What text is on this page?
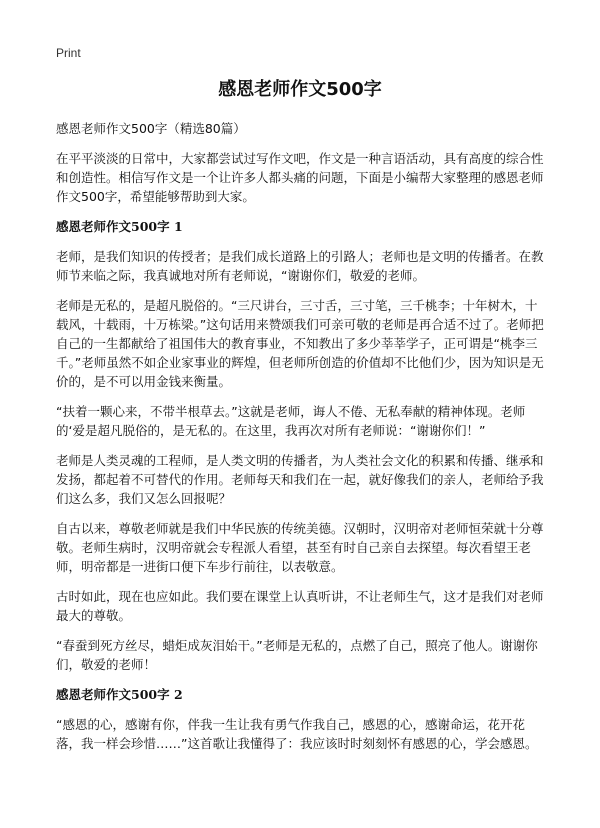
Print
感恩老师作文500字
感恩老师作文500字（精选80篇）

在平平淡淡的日常中，大家都尝试过写作文吧，作文是一种言语活动，具有高度的综合性和创造性。相信写作文是一个让许多人都头痛的问题，下面是小编帮大家整理的感恩老师作文500字，希望能够帮助到大家。

感恩老师作文500字 1

老师，是我们知识的传授者；是我们成长道路上的引路人；老师也是文明的传播者。在教师节来临之际，我真诚地对所有老师说，“谢谢你们，敬爱的老师。

老师是无私的，是超凡脱俗的。“三尺讲台，三寸舌，三寸笔，三千桃李；十年树木，十载风，十载雨，十万栋梁。”这句话用来赞颂我们可亲可敬的老师是再合适不过了。老师把自己的一生都献给了祖国伟大的教育事业，不知教出了多少莘莘学子，正可谓是“桃李三千。”老师虽然不如企业家事业的辉煌，但老师所创造的价值却不比他们少，因为知识是无价的，是不可以用金钱来衡量。

“扶着一颗心来，不带半根草去。”这就是老师，诲人不倦、无私奉献的精神体现。老师的‘爱是超凡脱俗的，是无私的。在这里，我再次对所有老师说：“谢谢你们！”

老师是人类灵魂的工程师，是人类文明的传播者，为人类社会文化的积累和传播、继承和发扬，都起着不可替代的作用。老师每天和我们在一起，就好像我们的亲人，老师给予我们这么多，我们又怎么回报呢？

自古以来，尊敬老师就是我们中华民族的传统美德。汉朝时，汉明帝对老师恒荣就十分尊敬。老师生病时，汉明帝就会专程派人看望，甚至有时自己亲自去探望。每次看望王老师，明帝都是一进街口便下车步行前往，以表敬意。

古时如此，现在也应如此。我们要在课堂上认真听讲，不让老师生气，这才是我们对老师最大的尊敬。

“春蚕到死方丝尽，蜡炬成灰泪始干。”老师是无私的，点燃了自己，照亮了他人。谢谢你们，敬爱的老师！

感恩老师作文500字 2

“感恩的心，感谢有你，伴我一生让我有勇气作我自己，感恩的心，感谢命运，花开花落，我一样会珍惜……”这首歌让我懂得了：我应该时时刻刻怀有感恩的心，学会感恩。
